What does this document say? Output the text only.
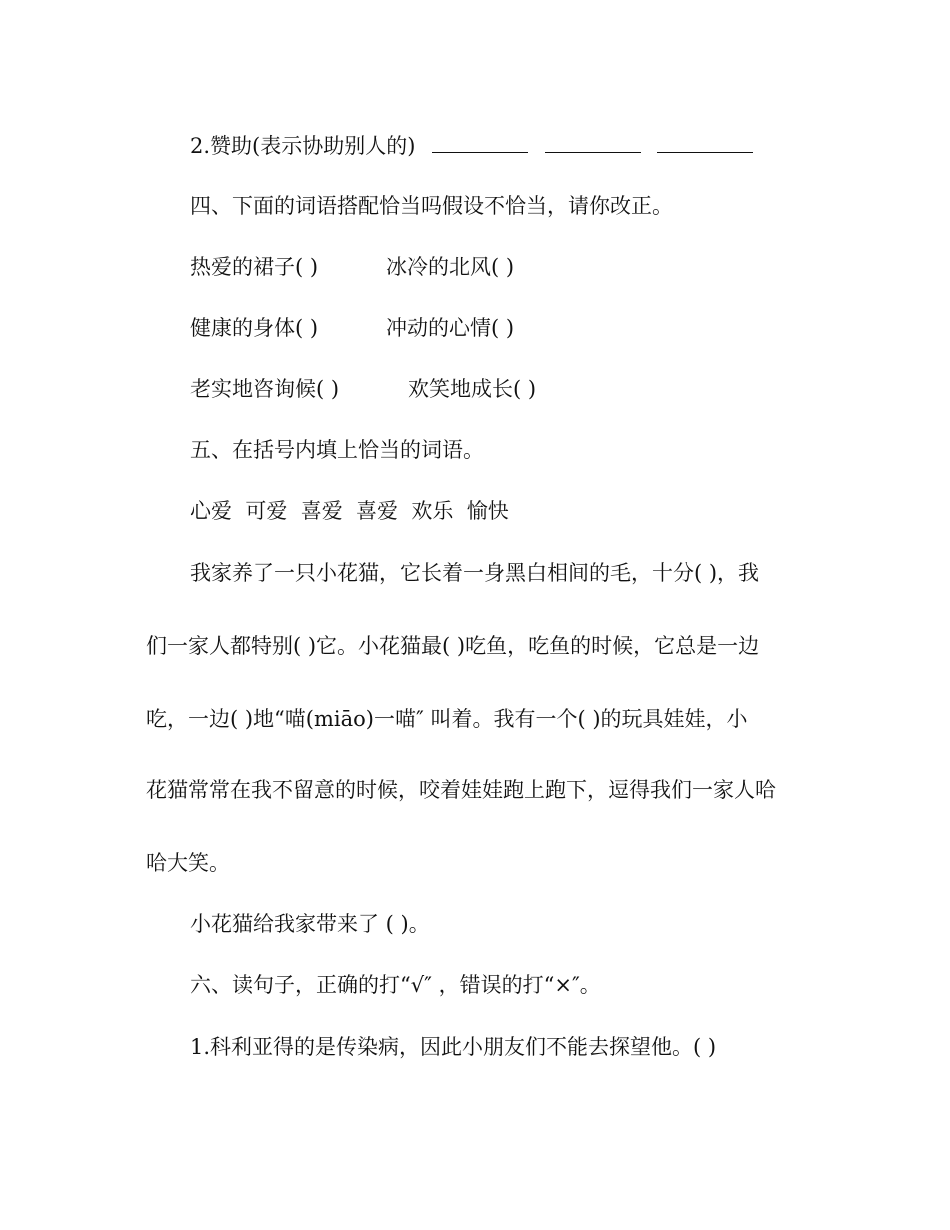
2.赞助(表示协助别人的)
四、下面的词语搭配恰当吗假设不恰当，请你改正。
热爱的裙子( )	冰冷的北风( )
健康的身体( )	冲动的心情( )
老实地咨询候( )	欢笑地成长( )
五、在括号内填上恰当的词语。
心爱  可爱  喜爱  喜爱  欢乐  愉快
我家养了一只小花猫，它长着一身黑白相间的毛，十分( )，我
们一家人都特别( )它。小花猫最( )吃鱼，吃鱼的时候，它总是一边
吃，一边( )地“喵(miāo)一喵″ 叫着。我有一个( )的玩具娃娃，小
花猫常常在我不留意的时候，咬着娃娃跑上跑下，逗得我们一家人哈
哈大笑。
小花猫给我家带来了 ( )。
六、读句子，正确的打“√″ ，错误的打“×″。
1.科利亚得的是传染病，因此小朋友们不能去探望他。( )
